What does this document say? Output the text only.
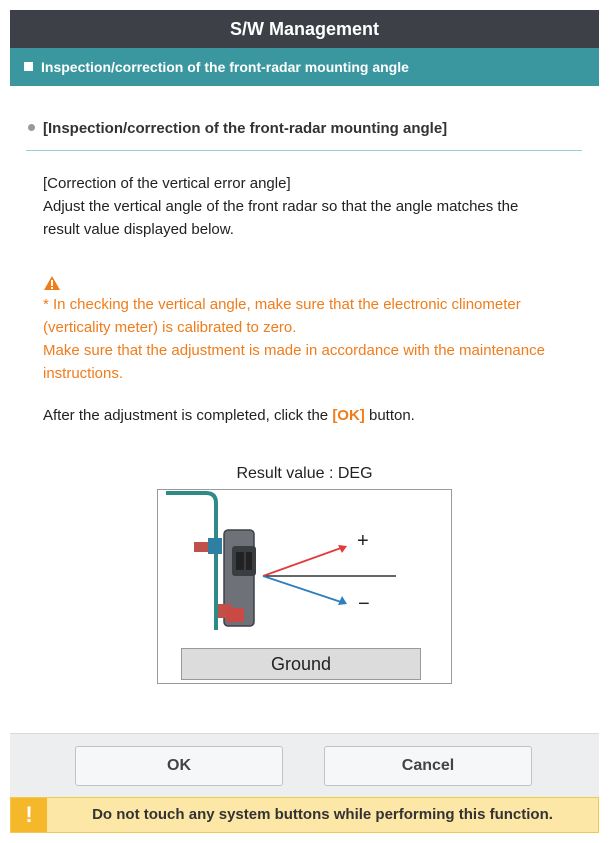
S/W Management
Inspection/correction of the front-radar mounting angle
[Inspection/correction of the front-radar mounting angle]
[Correction of the vertical error angle]
Adjust the vertical angle of the front radar so that the angle matches the
result value displayed below.
* In checking the vertical angle, make sure that the electronic clinometer
(verticality meter) is calibrated to zero.
Make sure that the adjustment is made in accordance with the maintenance
instructions.
After the adjustment is completed, click the [OK] button.
Result value : DEG
+
−
Ground
OK	Cancel
!	Do not touch any system buttons while performing this function.
